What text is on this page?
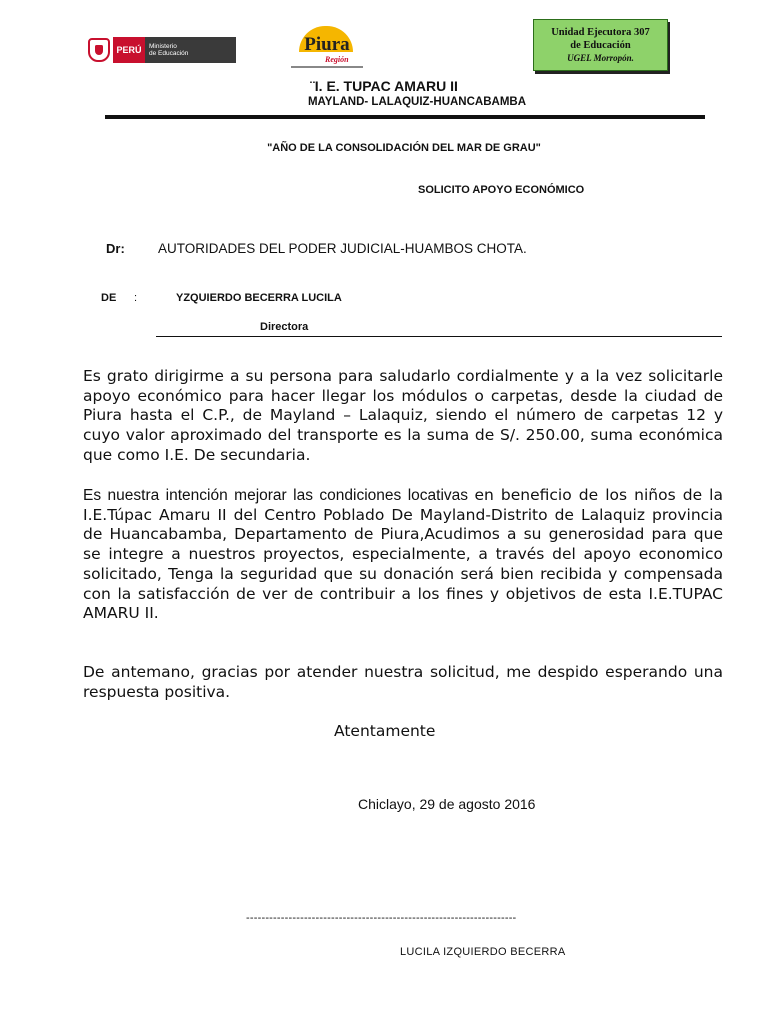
PERÚ	Ministerio
de Educación	Piura
Región
Unidad Ejecutora 307
de Educación
UGEL Morropón.
¨I. E. TUPAC AMARU II
MAYLAND- LALAQUIZ-HUANCABAMBA
"AÑO DE LA CONSOLIDACIÓN DEL MAR DE GRAU"
SOLICITO APOYO ECONÓMICO
Dr: AUTORIDADES DEL PODER JUDICIAL-HUAMBOS CHOTA.
DE :	YZQUIERDO BECERRA LUCILA
Directora

Es grato dirigirme a su persona para saludarlo cordialmente y a la vez solicitarle apoyo económico para hacer llegar los módulos o carpetas, desde la ciudad de Piura hasta el C.P., de Mayland – Lalaquiz, siendo el número de carpetas 12 y cuyo valor aproximado del transporte es la suma de S/. 250.00, suma económica que como I.E. De secundaria.

Es nuestra intención mejorar las condiciones locativas en beneficio de los niños de la I.E.Túpac Amaru II del Centro Poblado De Mayland-Distrito de Lalaquiz provincia de Huancabamba, Departamento de Piura,Acudimos a su generosidad para que se integre a nuestros proyectos, especialmente, a través del apoyo economico solicitado, Tenga la seguridad que su donación será bien recibida y compensada con la satisfacción de ver de contribuir a los fines y objetivos de esta I.E.TUPAC AMARU II.

De antemano, gracias por atender nuestra solicitud, me despido esperando una respuesta positiva.

Atentamente
Chiclayo, 29 de agosto 2016
----------------------------------------------------------------------
LUCILA IZQUIERDO BECERRA
